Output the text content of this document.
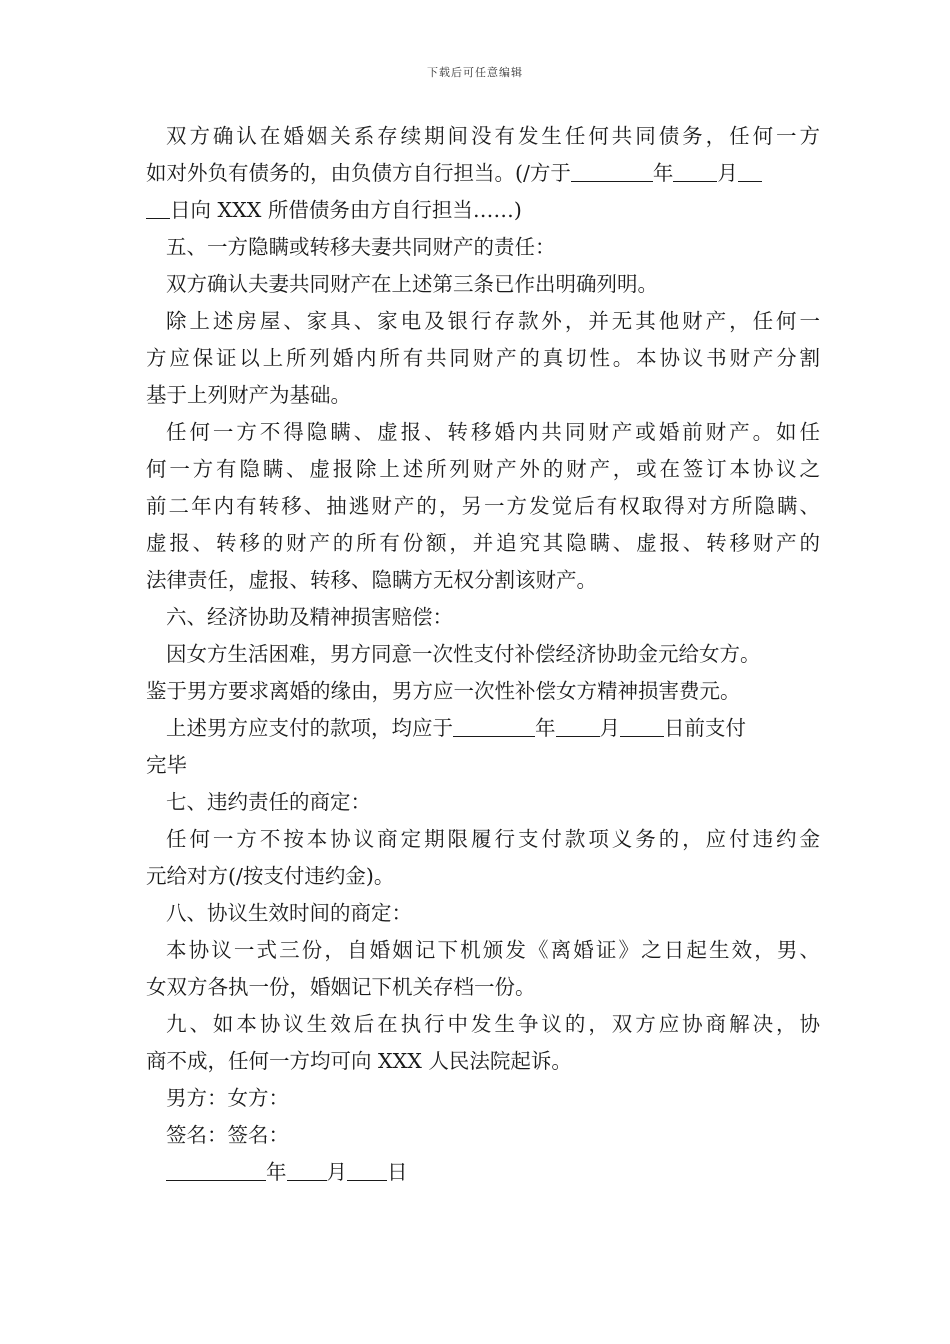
下载后可任意编辑
双方确认在婚姻关系存续期间没有发生任何共同债务，任何一方
如对外负有债务的，由负债方自行担当。(/方于	年 月
日向 XXX 所借债务由方自行担当……)
五、一方隐瞒或转移夫妻共同财产的责任：
双方确认夫妻共同财产在上述第三条已作出明确列明。
除上述房屋、家具、家电及银行存款外，并无其他财产，任何一
方应保证以上所列婚内所有共同财产的真切性。本协议书财产分割
基于上列财产为基础。
任何一方不得隐瞒、虚报、转移婚内共同财产或婚前财产。如任
何一方有隐瞒、虚报除上述所列财产外的财产，或在签订本协议之
前二年内有转移、抽逃财产的，另一方发觉后有权取得对方所隐瞒、
虚报、转移的财产的所有份额，并追究其隐瞒、虚报、转移财产的
法律责任，虚报、转移、隐瞒方无权分割该财产。
六、经济协助及精神损害赔偿：
因女方生活困难，男方同意一次性支付补偿经济协助金元给女方。
鉴于男方要求离婚的缘由，男方应一次性补偿女方精神损害费元。
上述男方应支付的款项，均应于	年 月 日前支付
完毕
七、违约责任的商定：
任何一方不按本协议商定期限履行支付款项义务的，应付违约金
元给对方(/按支付违约金)。
八、协议生效时间的商定：
本协议一式三份，自婚姻记下机颁发《离婚证》之日起生效，男、
女双方各执一份，婚姻记下机关存档一份。
九、如本协议生效后在执行中发生争议的，双方应协商解决，协
商不成，任何一方均可向 XXX 人民法院起诉。
男方：女方：
签名：签名：
年 月 日
